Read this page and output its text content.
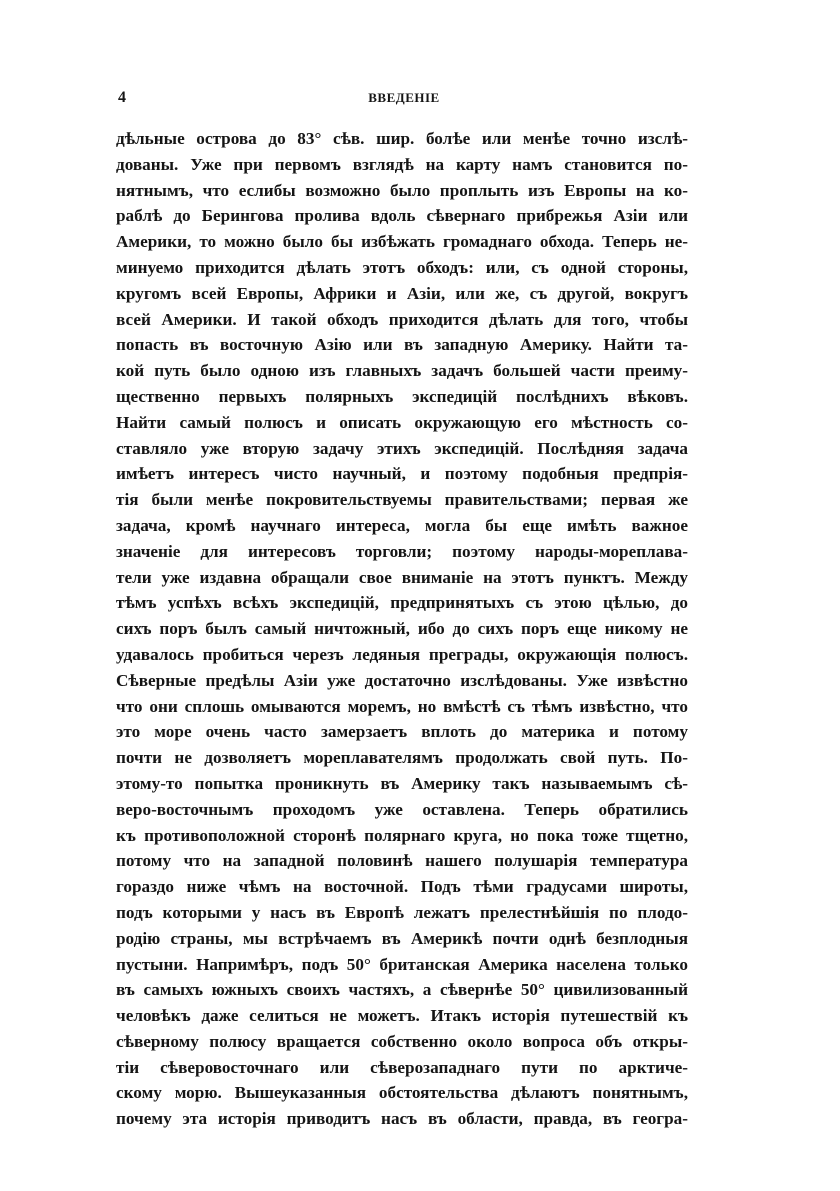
4	ВВЕДЕНІЕ
дѣльные острова до 83° сѣв. шир. болѣе или менѣе точно изслѣ-
дованы. Уже при первомъ взглядѣ на карту намъ становится по-
нятнымъ, что еслибы возможно было проплыть изъ Европы на ко-
раблѣ до Берингова пролива вдоль сѣвернаго прибрежья Азіи или
Америки, то можно было бы избѣжать громаднаго обхода. Теперь не-
минуемо приходится дѣлать этотъ обходъ: или, съ одной стороны,
кругомъ всей Европы, Африки и Азіи, или же, съ другой, вокругъ
всей Америки. И такой обходъ приходится дѣлать для того, чтобы
попасть въ восточную Азію или въ западную Америку. Найти та-
кой путь было одною изъ главныхъ задачъ большей части преиму-
щественно первыхъ полярныхъ экспедицій послѣднихъ вѣковъ.
Найти самый полюсъ и описать окружающую его мѣстность со-
ставляло уже вторую задачу этихъ экспедицій. Послѣдняя задача
имѣетъ интересъ чисто научный, и поэтому подобныя предпрія-
тія были менѣе покровительствуемы правительствами; первая же
задача, кромѣ научнаго интереса, могла бы еще имѣть важное
значеніе для интересовъ торговли; поэтому народы-мореплава-
тели уже издавна обращали свое вниманіе на этотъ пунктъ. Между
тѣмъ успѣхъ всѣхъ экспедицій, предпринятыхъ съ этою цѣлью, до
сихъ поръ былъ самый ничтожный, ибо до сихъ поръ еще никому не
удавалось пробиться черезъ ледяныя преграды, окружающія полюсъ.
Сѣверные предѣлы Азіи уже достаточно изслѣдованы. Уже извѣстно
что они сплошь омываются моремъ, но вмѣстѣ съ тѣмъ извѣстно, что
это море очень часто замерзаетъ вплоть до материка и потому
почти не дозволяетъ мореплавателямъ продолжать свой путь. По-
этому-то попытка проникнуть въ Америку такъ называемымъ сѣ-
веро-восточнымъ проходомъ уже оставлена. Теперь обратились
къ противоположной сторонѣ полярнаго круга, но пока тоже тщетно,
потому что на западной половинѣ нашего полушарія температура
гораздо ниже чѣмъ на восточной. Подъ тѣми градусами широты,
подъ которыми у насъ въ Европѣ лежатъ прелестнѣйшія по плодо-
родію страны, мы встрѣчаемъ въ Америкѣ почти однѣ безплодныя
пустыни. Напримѣръ, подъ 50° британская Америка населена только
въ самыхъ южныхъ своихъ частяхъ, а сѣвернѣе 50° цивилизованный
человѣкъ даже селиться не можетъ. Итакъ исторія путешествій къ
сѣверному полюсу вращается собственно около вопроса объ откры-
тіи сѣверовосточнаго или сѣверозападнаго пути по арктиче-
скому морю. Вышеуказанныя обстоятельства дѣлаютъ понятнымъ,
почему эта исторія приводитъ насъ въ области, правда, въ геогра-
